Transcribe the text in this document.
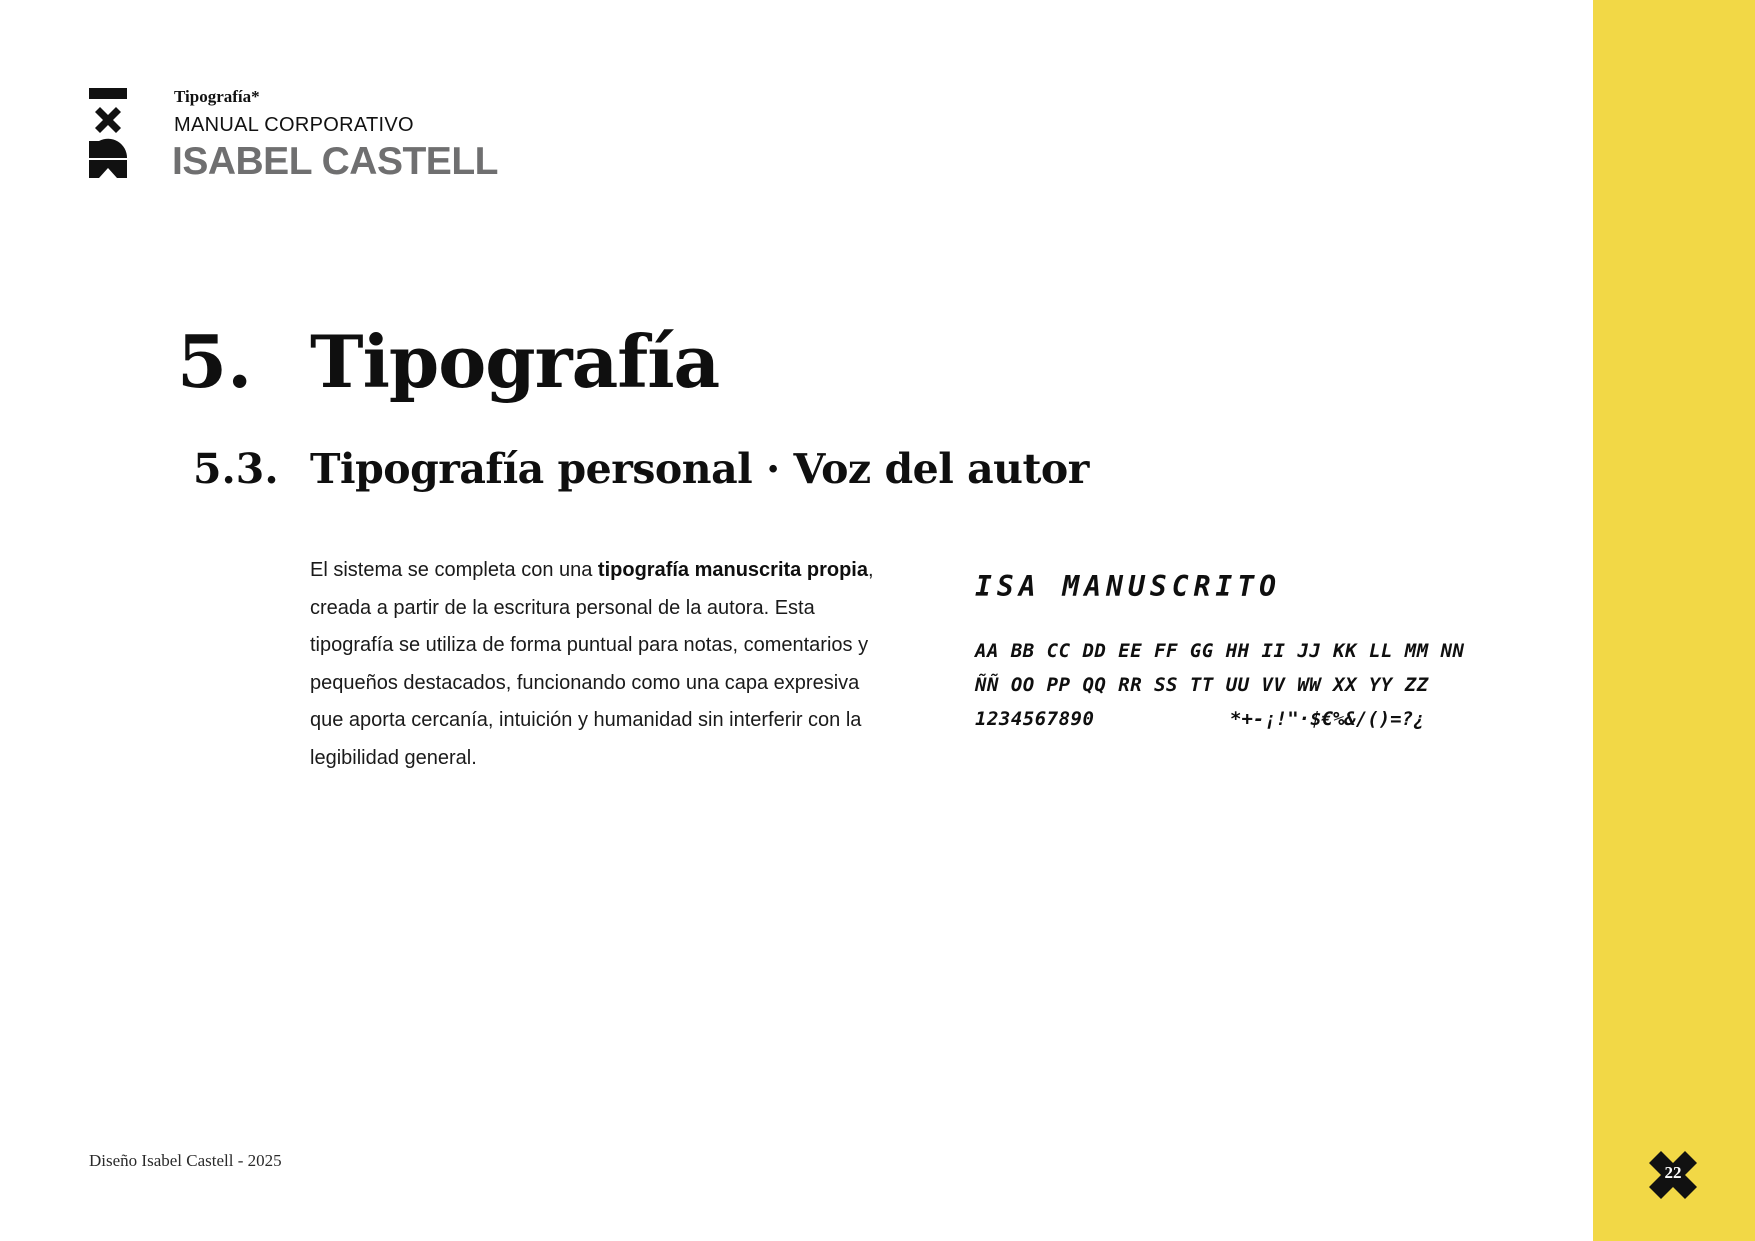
Tipografía*
MANUAL CORPORATIVO
ISABEL CASTELL
5. Tipografía
5.3. Tipografía personal · Voz del autor
El sistema se completa con una tipografía manuscrita propia, creada a partir de la escritura personal de la autora. Esta tipografía se utiliza de forma puntual para notas, comentarios y pequeños destacados, funcionando como una capa expresiva que aporta cercanía, intuición y humanidad sin interferir con la legibilidad general.
ISA MANUSCRITO
AA BB CC DD EE FF GG HH II JJ KK LL MM NN
ÑÑ OO PP QQ RR SS TT UU VV WW XX YY ZZ
1234567890	*+-¡!"·$€%&/()=?¿
Diseño Isabel Castell - 2025
22
